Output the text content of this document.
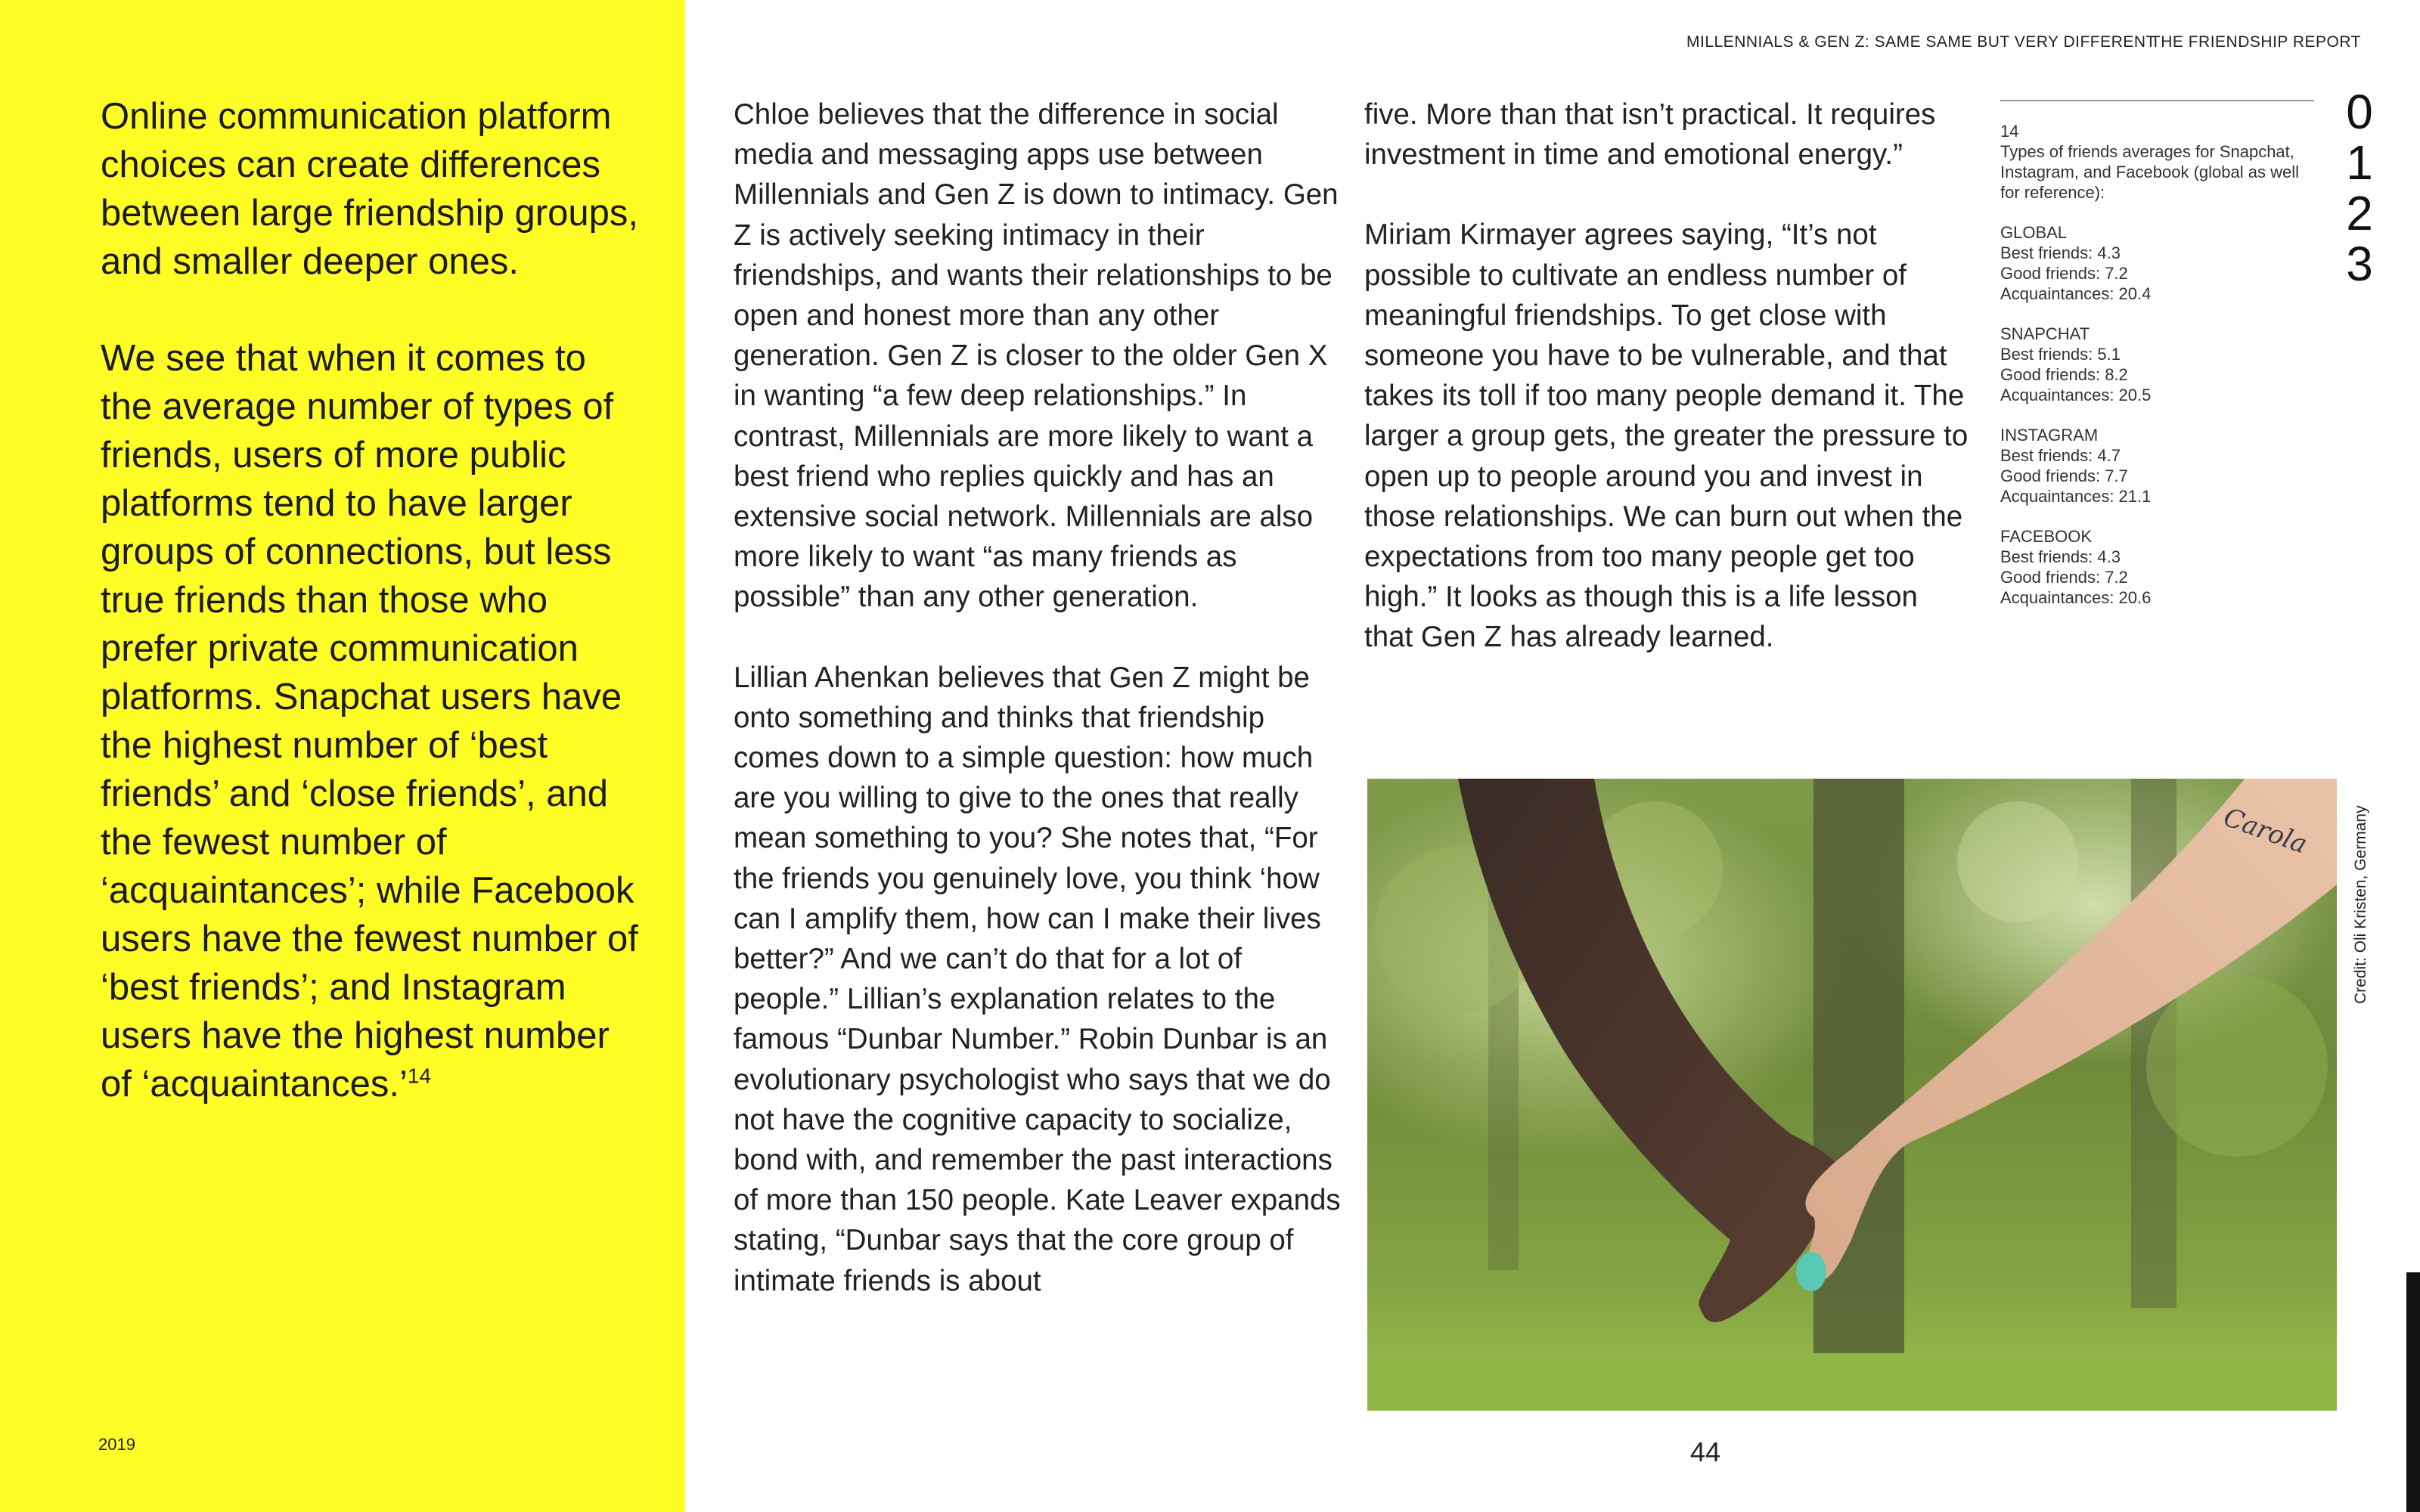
THE FRIENDSHIP REPORT
MILLENNIALS & GEN Z: SAME SAME BUT VERY DIFFERENT

Online communication platform choices can create differences between large friendship groups, and smaller deeper ones.

We see that when it comes to the average number of types of friends, users of more public platforms tend to have larger groups of connections, but less true friends than those who prefer private communication platforms. Snapchat users have the highest number of ‘best friends’ and ‘close friends’, and the fewest number of ‘acquaintances’; while Facebook users have the fewest number of ‘best friends’; and Instagram users have the highest number of ‘acquaintances.’$^{14}$

2019

Chloe believes that the difference in social media and messaging apps use between Millennials and Gen Z is down to intimacy. Gen Z is actively seeking intimacy in their friendships, and wants their relationships to be open and honest more than any other generation. Gen Z is closer to the older Gen X in wanting “a few deep relationships.” In contrast, Millennials are more likely to want a best friend who replies quickly and has an extensive social network. Millennials are also more likely to want “as many friends as possible” than any other generation.

Lillian Ahenkan believes that Gen Z might be onto something and thinks that friendship comes down to a simple question: how much are you willing to give to the ones that really mean something to you? She notes that, “For the friends you genuinely love, you think ‘how can I amplify them, how can I make their lives better?” And we can’t do that for a lot of people.” Lillian’s explanation relates to the famous “Dunbar Number.” Robin Dunbar is an evolutionary psychologist who says that we do not have the cognitive capacity to socialize, bond with, and remember the past interactions of more than 150 people. Kate Leaver expands stating, “Dunbar says that the core group of intimate friends is about

five. More than that isn’t practical. It requires investment in time and emotional energy.”

Miriam Kirmayer agrees saying, “It’s not possible to cultivate an endless number of meaningful friendships. To get close with someone you have to be vulnerable, and that takes its toll if too many people demand it. The larger a group gets, the greater the pressure to open up to people around you and invest in those relationships. We can burn out when the expectations from too many people get too high.” It looks as though this is a life lesson that Gen Z has already learned.

14
Types of friends averages for Snapchat, Instagram, and Facebook (global as well for reference):
GLOBAL
Best friends: 4.3
Good friends: 7.2
Acquaintances: 20.4
SNAPCHAT
Best friends: 5.1
Good friends: 8.2
Acquaintances: 20.5
INSTAGRAM
Best friends: 4.7
Good friends: 7.7
Acquaintances: 21.1
FACEBOOK
Best friends: 4.3
Good friends: 7.2
Acquaintances: 20.6
0
1
2
3
Carola	Credit: Oli Kristen, Germany
44
